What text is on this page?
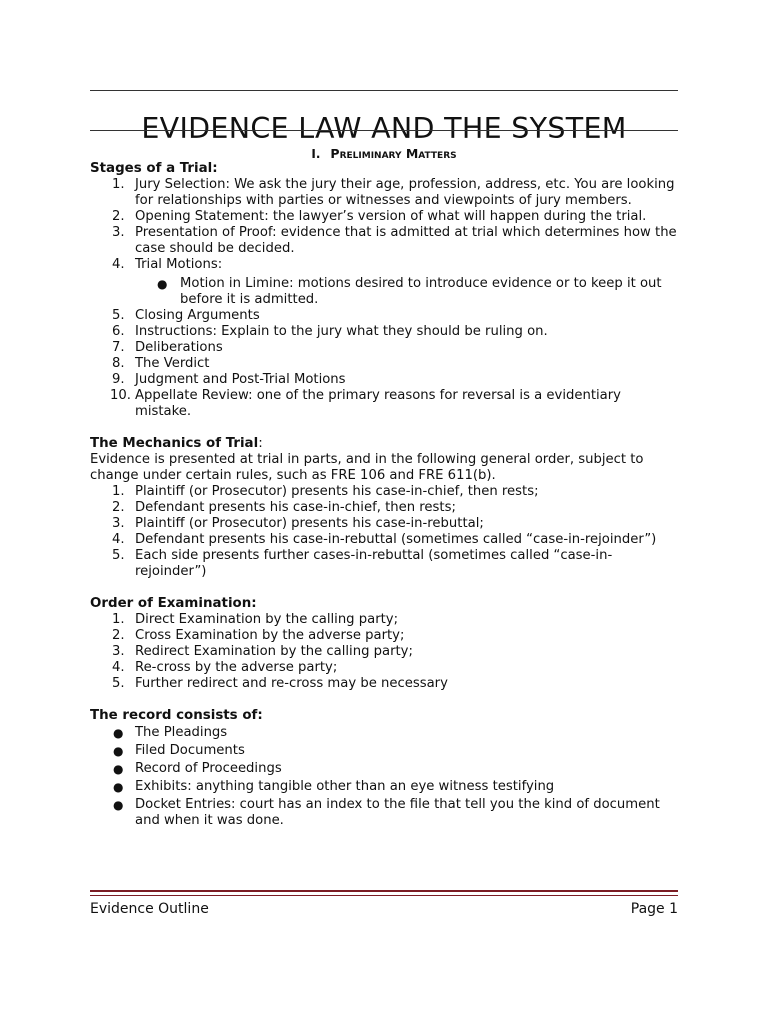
EVIDENCE LAW AND THE SYSTEM
I. Preliminary Matters
Stages of a Trial:
1. Jury Selection: We ask the jury their age, profession, address, etc. You are looking for relationships with parties or witnesses and viewpoints of jury members.
2. Opening Statement: the lawyer’s version of what will happen during the trial.
3. Presentation of Proof: evidence that is admitted at trial which determines how the case should be decided.
4. Trial Motions:
● Motion in Limine: motions desired to introduce evidence or to keep it out before it is admitted.
5. Closing Arguments
6. Instructions: Explain to the jury what they should be ruling on.
7. Deliberations
8. The Verdict
9. Judgment and Post-Trial Motions
10. Appellate Review: one of the primary reasons for reversal is a evidentiary mistake.
The Mechanics of Trial:

Evidence is presented at trial in parts, and in the following general order, subject to change under certain rules, such as FRE 106 and FRE 611(b).

1. Plaintiff (or Prosecutor) presents his case-in-chief, then rests;
2. Defendant presents his case-in-chief, then rests;
3. Plaintiff (or Prosecutor) presents his case-in-rebuttal;
4. Defendant presents his case-in-rebuttal (sometimes called “case-in-rejoinder”)
5. Each side presents further cases-in-rebuttal (sometimes called “case-in-rejoinder”)
Order of Examination:
1. Direct Examination by the calling party;
2. Cross Examination by the adverse party;
3. Redirect Examination by the calling party;
4. Re-cross by the adverse party;
5. Further redirect and re-cross may be necessary
The record consists of:
● The Pleadings
● Filed Documents
● Record of Proceedings
● Exhibits: anything tangible other than an eye witness testifying
● Docket Entries: court has an index to the file that tell you the kind of document and when it was done.
Evidence Outline	Page 1
